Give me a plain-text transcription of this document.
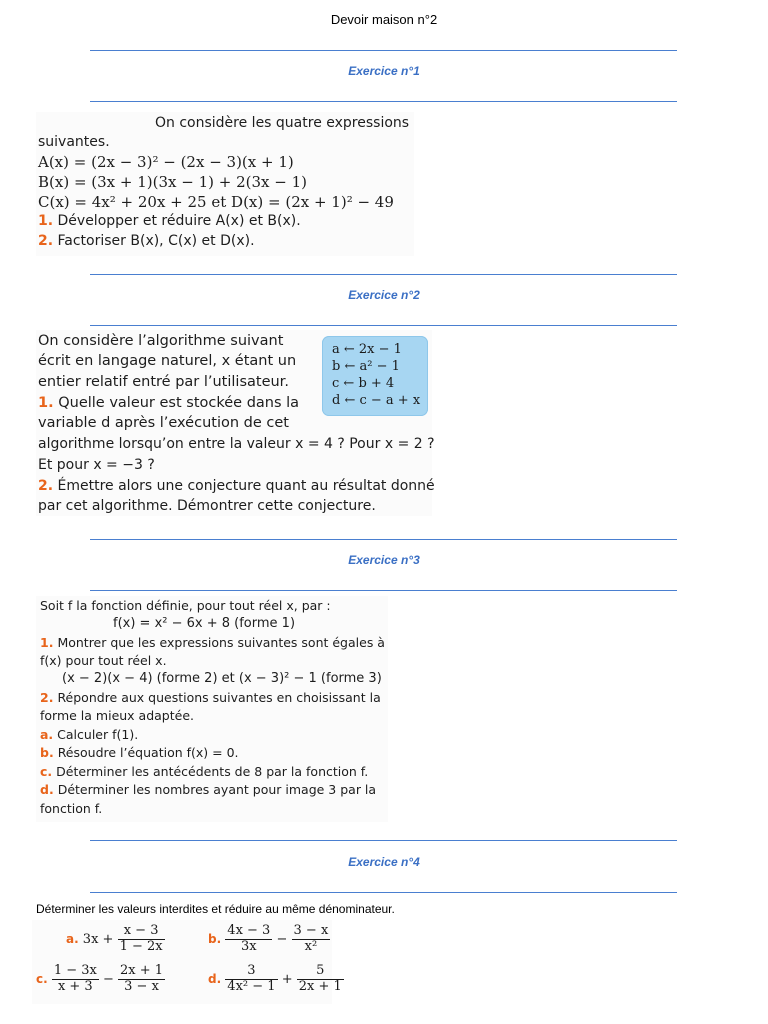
Devoir maison n°2
Exercice n°1
On considère les quatre expressions
suivantes.
A(x) = (2x − 3)² − (2x − 3)(x + 1)
B(x) = (3x + 1)(3x − 1) + 2(3x − 1)
C(x) = 4x² + 20x + 25 et D(x) = (2x + 1)² − 49
1. Développer et réduire A(x) et B(x).
2. Factoriser B(x), C(x) et D(x).
Exercice n°2
On considère l’algorithme suivant
écrit en langage naturel, x étant un
entier relatif entré par l’utilisateur.
1. Quelle valeur est stockée dans la
variable d après l’exécution de cet
algorithme lorsqu’on entre la valeur x = 4 ? Pour x = 2 ?
Et pour x = −3 ?
2. Émettre alors une conjecture quant au résultat donné
par cet algorithme. Démontrer cette conjecture.
a ← 2x − 1
b ← a² − 1
c ← b + 4
d ← c − a + x
Exercice n°3
Soit f la fonction définie, pour tout réel x, par :
f(x) = x² − 6x + 8 (forme 1)
1. Montrer que les expressions suivantes sont égales à
f(x) pour tout réel x.
(x − 2)(x − 4) (forme 2) et (x − 3)² − 1 (forme 3)
2. Répondre aux questions suivantes en choisissant la
forme la mieux adaptée.
a. Calculer f(1).
b. Résoudre l’équation f(x) = 0.
c. Déterminer les antécédents de 8 par la fonction f.
d. Déterminer les nombres ayant pour image 3 par la
fonction f.
Exercice n°4
Déterminer les valeurs interdites et réduire au même dénominateur.
a. $3x + \frac{x - 3}{1 - 2x}$	b. $\frac{4x - 3}{3x} - \frac{3 - x}{\text{x²}}$
c. $\frac{1 - 3x}{x + 3} - \frac{2x + 1}{3 - x}$	d. $\frac{3}{\text{4x² − 1}} + \frac{5}{2x + 1}$
